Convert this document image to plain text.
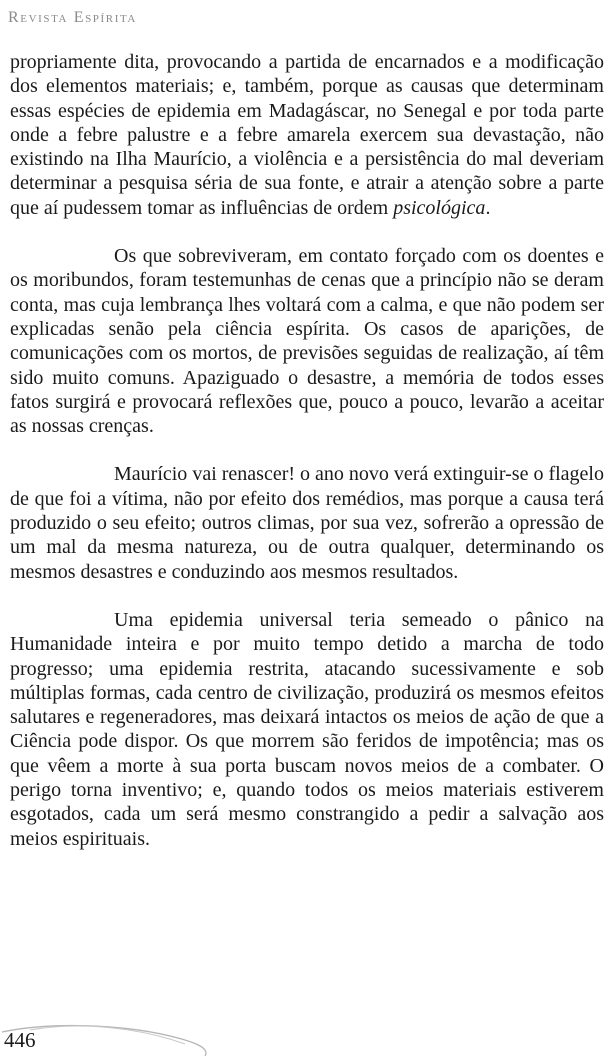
Revista Espírita

propriamente dita, provocando a partida de encarnados e a modificação dos elementos materiais; e, também, porque as causas que determinam essas espécies de epidemia em Madagáscar, no Senegal e por toda parte onde a febre palustre e a febre amarela exercem sua devastação, não existindo na Ilha Maurício, a violência e a persistência do mal deveriam determinar a pesquisa séria de sua fonte, e atrair a atenção sobre a parte que aí pudessem tomar as influências de ordem psicológica.

Os que sobreviveram, em contato forçado com os doentes e os moribundos, foram testemunhas de cenas que a princípio não se deram conta, mas cuja lembrança lhes voltará com a calma, e que não podem ser explicadas senão pela ciência espírita. Os casos de aparições, de comunicações com os mortos, de previsões seguidas de realização, aí têm sido muito comuns. Apaziguado o desastre, a memória de todos esses fatos surgirá e provocará reflexões que, pouco a pouco, levarão a aceitar as nossas crenças.

Maurício vai renascer! o ano novo verá extinguir-se o flagelo de que foi a vítima, não por efeito dos remédios, mas porque a causa terá produzido o seu efeito; outros climas, por sua vez, sofrerão a opressão de um mal da mesma natureza, ou de outra qualquer, determinando os mesmos desastres e conduzindo aos mesmos resultados.

Uma epidemia universal teria semeado o pânico na Humanidade inteira e por muito tempo detido a marcha de todo progresso; uma epidemia restrita, atacando sucessivamente e sob múltiplas formas, cada centro de civilização, produzirá os mesmos efeitos salutares e regeneradores, mas deixará intactos os meios de ação de que a Ciência pode dispor. Os que morrem são feridos de impotência; mas os que vêem a morte à sua porta buscam novos meios de a combater. O perigo torna inventivo; e, quando todos os meios materiais estiverem esgotados, cada um será mesmo constrangido a pedir a salvação aos meios espirituais.

446
